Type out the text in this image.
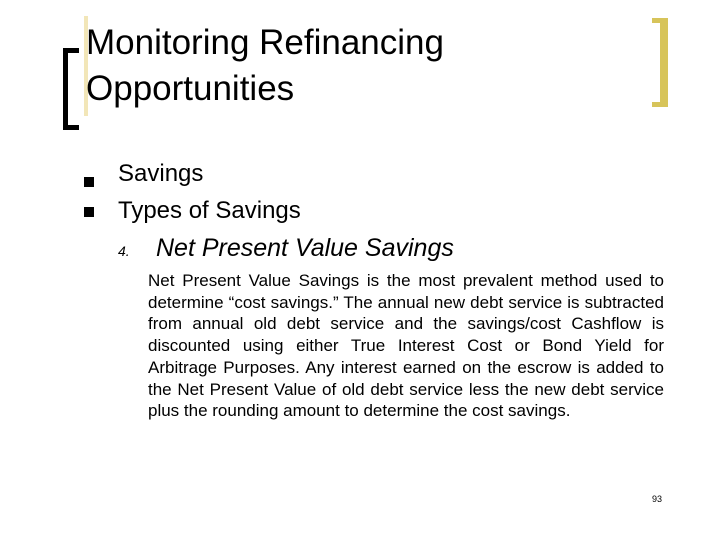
Monitoring Refinancing Opportunities
Savings
Types of Savings
4. Net Present Value Savings

Net Present Value Savings is the most prevalent method used to determine “cost savings.” The annual new debt service is subtracted from annual old debt service and the savings/cost Cashflow is discounted using either True Interest Cost or Bond Yield for Arbitrage Purposes. Any interest earned on the escrow is added to the Net Present Value of old debt service less the new debt service plus the rounding amount to determine the cost savings.

93
